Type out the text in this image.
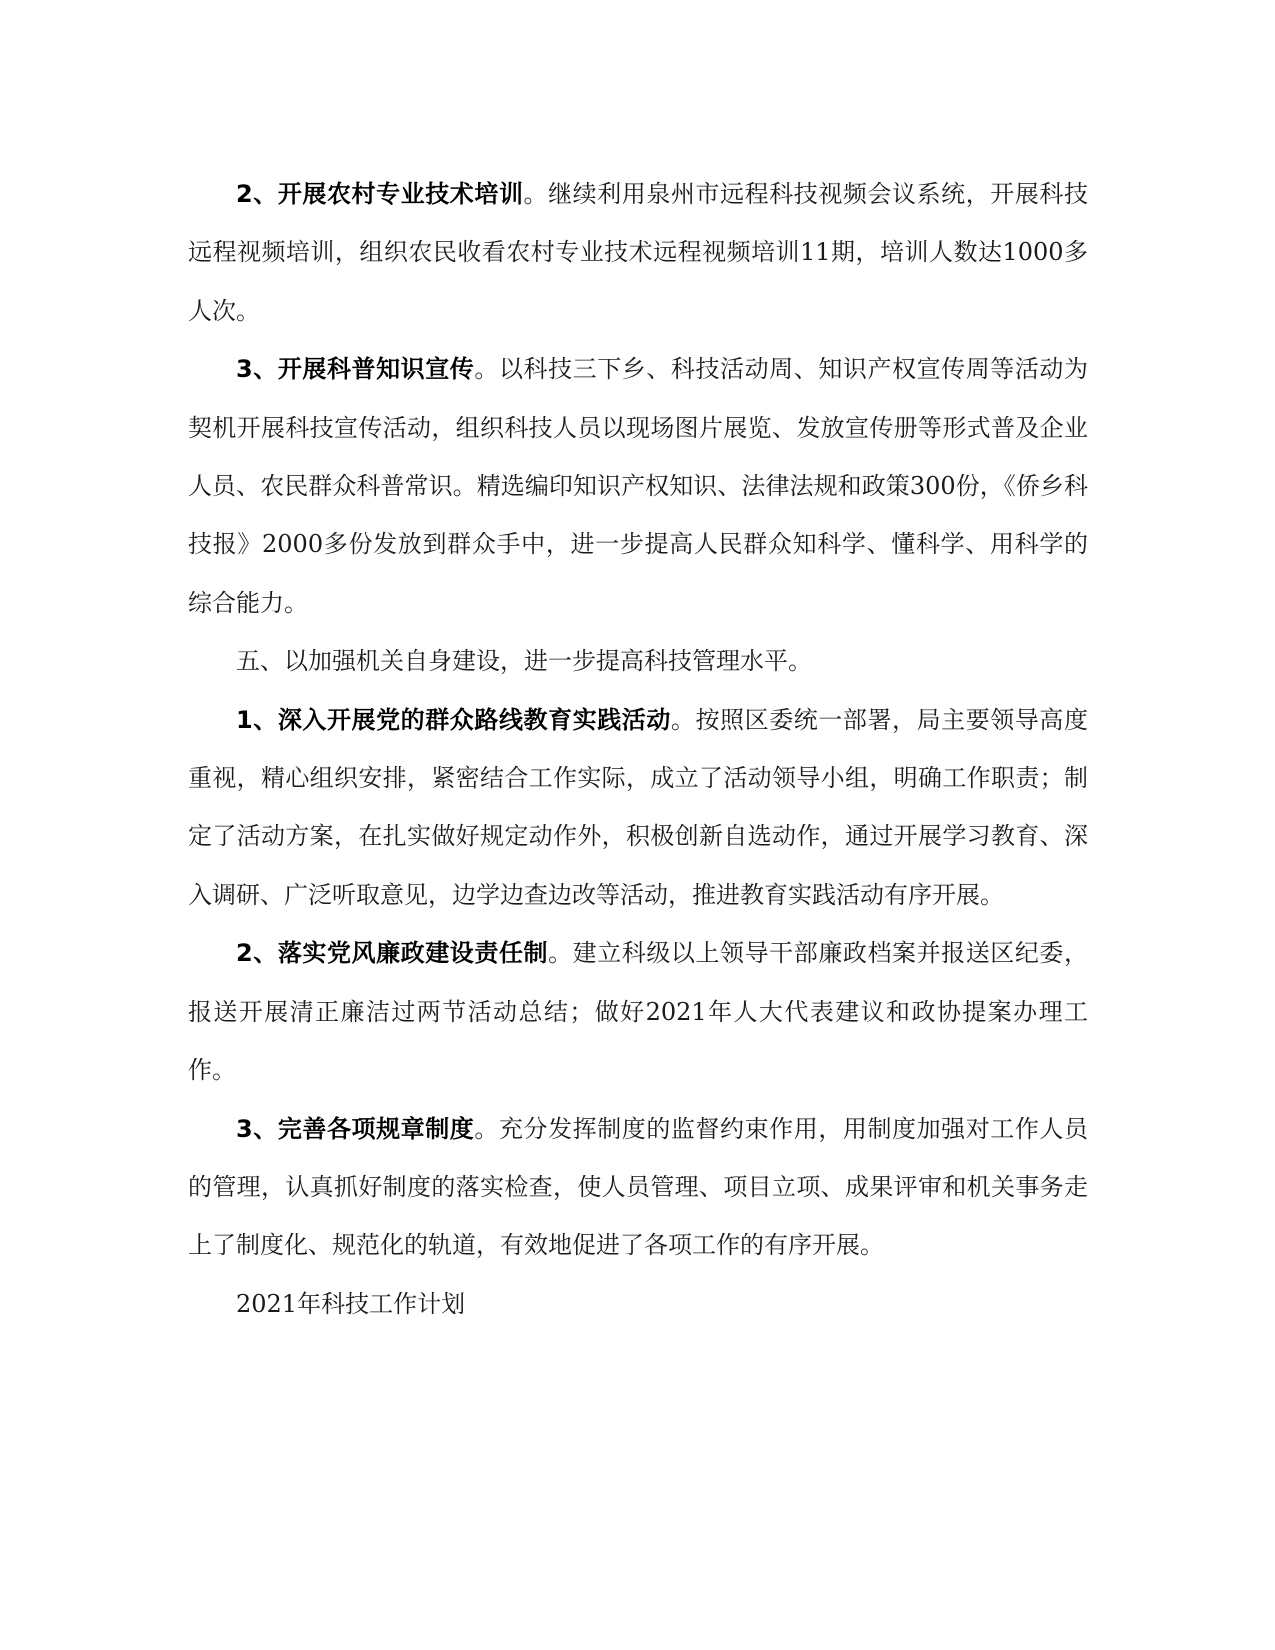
2、开展农村专业技术培训。继续利用泉州市远程科技视频会议系统，开展科技远程视频培训，组织农民收看农村专业技术远程视频培训11期，培训人数达1000多人次。

3、开展科普知识宣传。以科技三下乡、科技活动周、知识产权宣传周等活动为契机开展科技宣传活动，组织科技人员以现场图片展览、发放宣传册等形式普及企业人员、农民群众科普常识。精选编印知识产权知识、法律法规和政策300份，《侨乡科技报》2000多份发放到群众手中，进一步提高人民群众知科学、懂科学、用科学的综合能力。

五、以加强机关自身建设，进一步提高科技管理水平。

1、深入开展党的群众路线教育实践活动。按照区委统一部署，局主要领导高度重视，精心组织安排，紧密结合工作实际，成立了活动领导小组，明确工作职责；制定了活动方案，在扎实做好规定动作外，积极创新自选动作，通过开展学习教育、深入调研、广泛听取意见，边学边查边改等活动，推进教育实践活动有序开展。

2、落实党风廉政建设责任制。建立科级以上领导干部廉政档案并报送区纪委，报送开展清正廉洁过两节活动总结；做好2021年人大代表建议和政协提案办理工作。

3、完善各项规章制度。充分发挥制度的监督约束作用，用制度加强对工作人员的管理，认真抓好制度的落实检查，使人员管理、项目立项、成果评审和机关事务走上了制度化、规范化的轨道，有效地促进了各项工作的有序开展。

2021年科技工作计划
